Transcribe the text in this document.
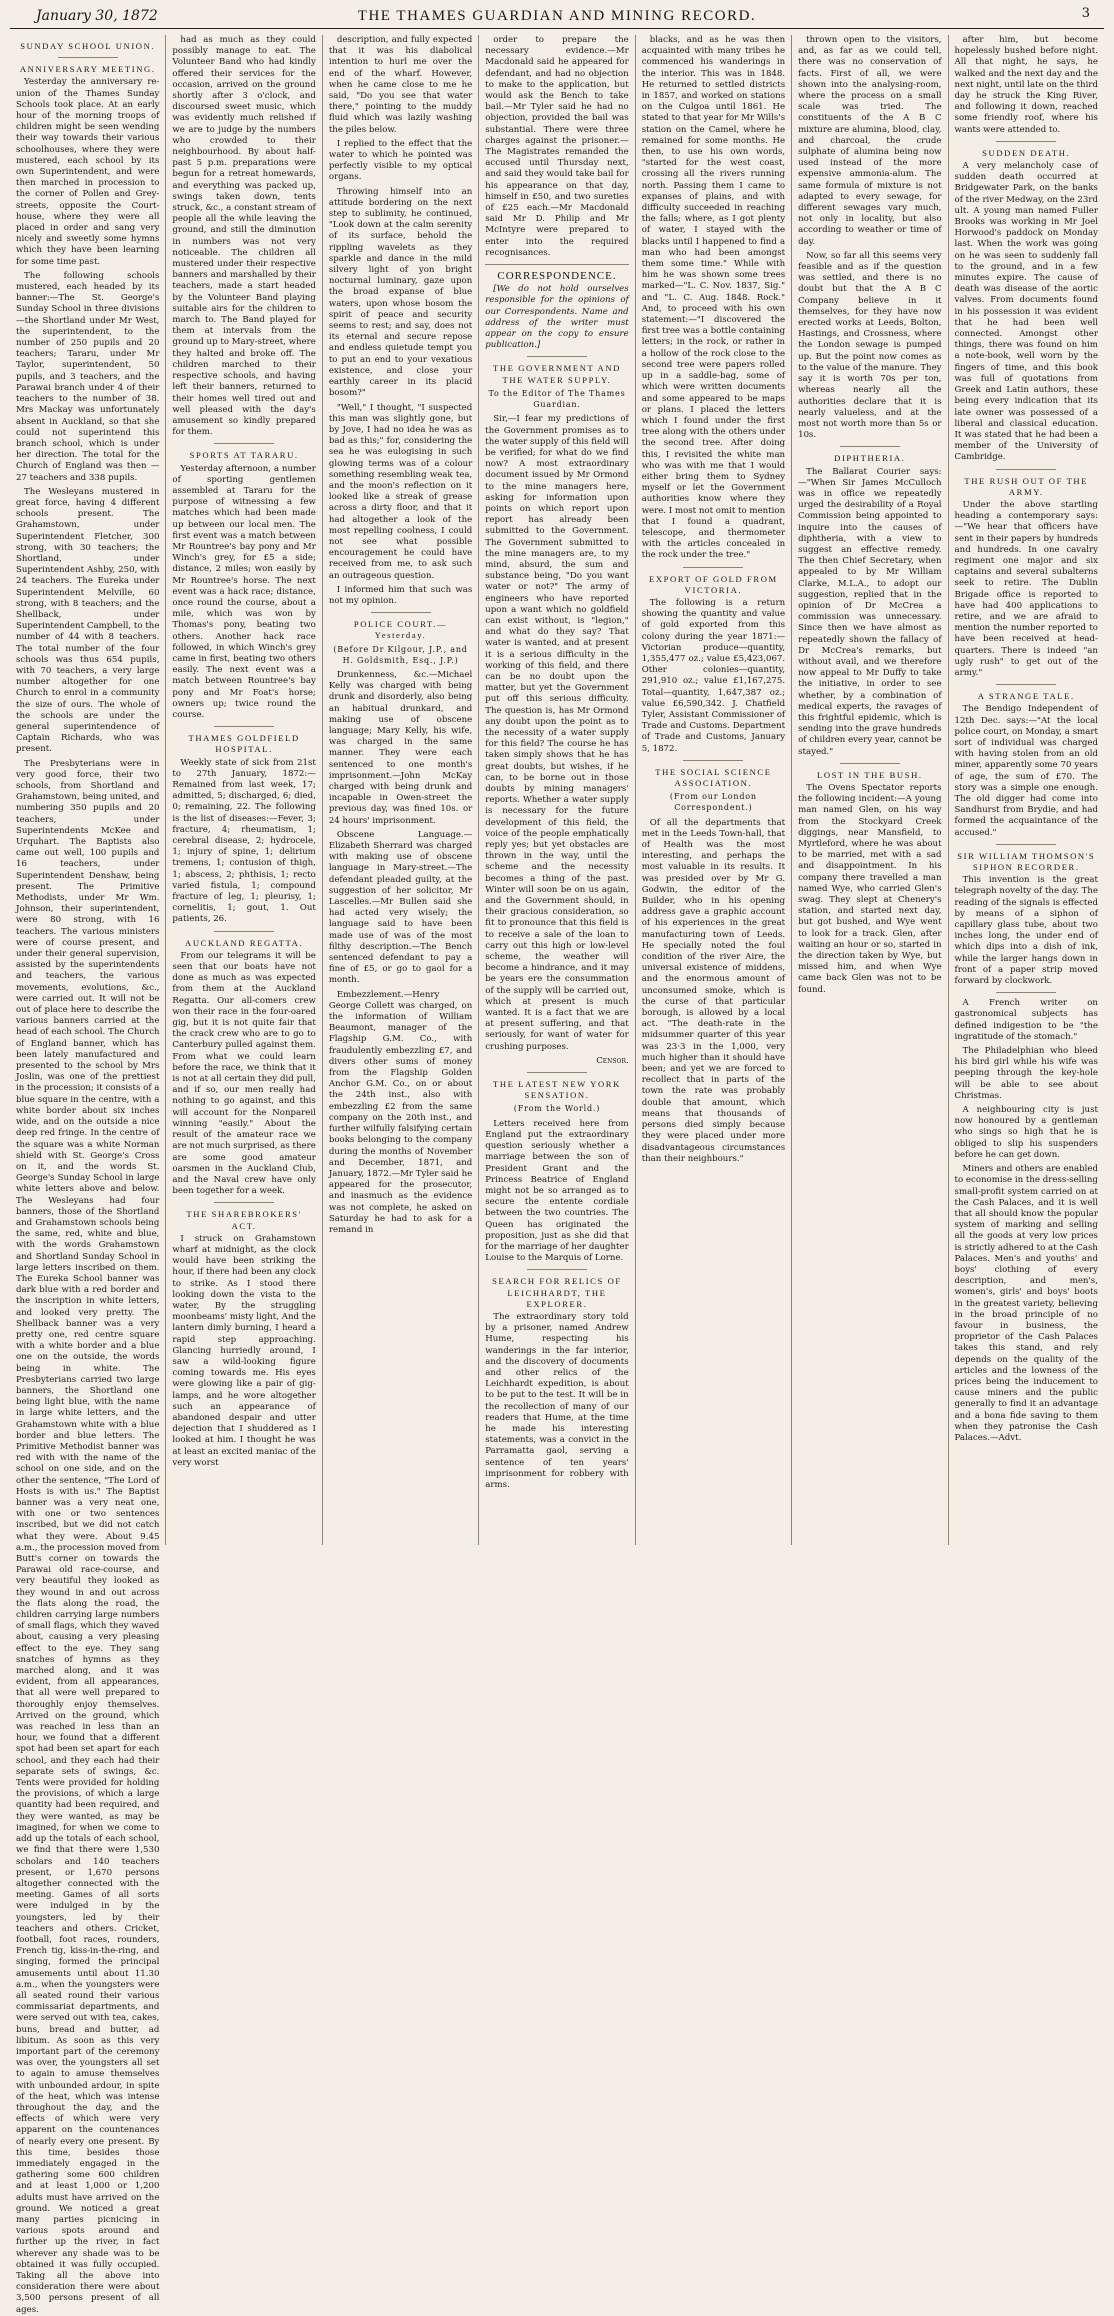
January 30, 1872	THE THAMES GUARDIAN AND MINING RECORD.	3
SUNDAY SCHOOL UNION.
ANNIVERSARY MEETING.

Yesterday the anniversary re-union of the Thames Sunday Schools took place. At an early hour of the morning troops of children might be seen wending their way towards their various schoolhouses, where they were mustered, each school by its own Superintendent, and were then marched in procession to the corner of Pollen and Grey-streets, opposite the Court-house, where they were all placed in order and sang very nicely and sweetly some hymns which they have been learning for some time past.

The following schools mustered, each headed by its banner:—The St. George's Sunday School in three divisions—the Shortland under Mr West, the superintendent, to the number of 250 pupils and 20 teachers; Tararu, under Mr Taylor, superintendent, 50 pupils, and 3 teachers, and the Parawai branch under 4 of their teachers to the number of 38. Mrs Mackay was unfortunately absent in Auckland, so that she could not superintend this branch school, which is under her direction. The total for the Church of England was then —27 teachers and 338 pupils.

The Wesleyans mustered in great force, having 4 different schools present. The Grahamstown, under Superintendent Fletcher, 300 strong, with 30 teachers; the Shortland, under Superintendent Ashby, 250, with 24 teachers. The Eureka under Superintendent Melville, 60 strong, with 8 teachers; and the Shellback, under Superintendent Campbell, to the number of 44 with 8 teachers. The total number of the four schools was thus 654 pupils, with 70 teachers, a very large number altogether for one Church to enrol in a community the size of ours. The whole of the schools are under the general superintendence of Captain Richards, who was present.

The Presbyterians were in very good force, their two schools, from Shortland and Grahamstown, being united, and numbering 350 pupils and 20 teachers, under Superintendents McKee and Urquhart. The Baptists also came out well, 100 pupils and 16 teachers, under Superintendent Denshaw, being present. The Primitive Methodists, under Mr Wm. Johnson, their superintendent, were 80 strong, with 16 teachers. The various ministers were of course present, and under their general supervision, assisted by the superintendents and teachers, the various movements, evolutions, &c., were carried out. It will not be out of place here to describe the various banners carried at the head of each school. The Church of England banner, which has been lately manufactured and presented to the school by Mrs Joslin, was one of the prettiest in the procession; it consists of a blue square in the centre, with a white border about six inches wide, and on the outside a nice deep red fringe. In the centre of the square was a white Norman shield with St. George's Cross on it, and the words St. George's Sunday School in large white letters above and below. The Wesleyans had four banners, those of the Shortland and Grahamstown schools being the same, red, white and blue, with the words Grahamstown and Shortland Sunday School in large letters inscribed on them. The Eureka School banner was dark blue with a red border and the inscription in white letters, and looked very pretty. The Shellback banner was a very pretty one, red centre square with a white border and a blue one on the outside, the words being in white. The Presbyterians carried two large banners, the Shortland one being light blue, with the name in large white letters, and the Grahamstown white with a blue border and blue letters. The Primitive Methodist banner was red with with the name of the school on one side, and on the other the sentence, "The Lord of Hosts is with us." The Baptist banner was a very neat one, with one or two sentences inscribed, but we did not catch what they were. About 9.45 a.m., the procession moved from Butt's corner on towards the Parawai old race-course, and very beautiful they looked as they wound in and out across the flats along the road, the children carrying large numbers of small flags, which they waved about, causing a very pleasing effect to the eye. They sang snatches of hymns as they marched along, and it was evident, from all appearances, that all were well prepared to thoroughly enjoy themselves. Arrived on the ground, which was reached in less than an hour, we found that a different spot had been set apart for each school, and they each had their separate sets of swings, &c. Tents were provided for holding the provisions, of which a large quantity had been required, and they were wanted, as may be imagined, for when we come to add up the totals of each school, we find that there were 1,530 scholars and 140 teachers present, or 1,670 persons altogether connected with the meeting. Games of all sorts were indulged in by the youngsters, led by their teachers and others. Cricket, football, foot races, rounders, French tig, kiss-in-the-ring, and singing, formed the principal amusements until about 11.30 a.m., when the youngsters were all seated round their various commissariat departments, and were served out with tea, cakes, buns, bread and butter, ad libitum. As soon as this very important part of the ceremony was over, the youngsters all set to again to amuse themselves with unbounded ardour, in spite of the heat, which was intense throughout the day, and the effects of which were very apparent on the countenances of nearly every one present. By this time, besides those immediately engaged in the gathering some 600 children and at least 1,000 or 1,200 adults must have arrived on the ground. We noticed a great many parties picnicing in various spots around and further up the river, in fact wherever any shade was to be obtained it was fully occupied. Taking all the above into consideration there were about 3,500 persons present of all ages.

had as much as they could possibly manage to eat. The Volunteer Band who had kindly offered their services for the occasion, arrived on the ground shortly after 3 o'clock, and discoursed sweet music, which was evidently much relished if we are to judge by the numbers who crowded to their neighbourhood. By about half-past 5 p.m. preparations were begun for a retreat homewards, and everything was packed up, swings taken down, tents struck, &c., a constant stream of people all the while leaving the ground, and still the diminution in numbers was not very noticeable. The children all mustered under their respective banners and marshalled by their teachers, made a start headed by the Volunteer Band playing suitable airs for the children to march to. The Band played for them at intervals from the ground up to Mary-street, where they halted and broke off. The children marched to their respective schools, and having left their banners, returned to their homes well tired out and well pleased with the day's amusement so kindly prepared for them.

SPORTS AT TARARU.

Yesterday afternoon, a number of sporting gentlemen assembled at Tararu for the purpose of witnessing a few matches which had been made up between our local men. The first event was a match between Mr Rountree's bay pony and Mr Winch's grey, for £5 a side; distance, 2 miles; won easily by Mr Rountree's horse. The next event was a hack race; distance, once round the course, about a mile, which was won by Thomas's pony, beating two others. Another hack race followed, in which Winch's grey came in first, beating two others easily. The next event was a match between Rountree's bay pony and Mr Foat's horse; owners up; twice round the course.

THAMES GOLDFIELD HOSPITAL.

Weekly state of sick from 21st to 27th January, 1872:— Remained from last week, 17; admitted, 5; discharged, 6; died, 0; remaining, 22. The following is the list of diseases:—Fever, 3; fracture, 4; rheumatism, 1; cerebral disease, 2; hydrocele, 1; injury of spine, 1; delirium tremens, 1; contusion of thigh, 1; abscess, 2; phthisis, 1; recto varied fistula, 1; compound fracture of leg, 1; pleurisy, 1; cornelitis, 1; gout, 1. Out patients, 26.

AUCKLAND REGATTA.

From our telegrams it will be seen that our boats have not done as much as was expected from them at the Auckland Regatta. Our all-comers crew won their race in the four-oared gig, but it is not quite fair that the crack crew who are to go to Canterbury pulled against them. From what we could learn before the race, we think that it is not at all certain they did pull, and if so, our men really had nothing to go against, and this will account for the Nonpareil winning "easily." About the result of the amateur race we are not much surprised, as there are some good amateur oarsmen in the Auckland Club, and the Naval crew have only been together for a week.

THE SHAREBROKERS' ACT.

I struck on Grahamstown wharf at midnight, as the clock would have been striking the hour, if there had been any clock to strike. As I stood there looking down the vista to the water, By the struggling moonbeams' misty light, And the lantern dimly burning, I heard a rapid step approaching. Glancing hurriedly around, I saw a wild-looking figure coming towards me. His eyes were glowing like a pair of gig-lamps, and he wore altogether such an appearance of abandoned despair and utter dejection that I shuddered as I looked at him. I thought he was at least an excited maniac of the very worst

description, and fully expected that it was his diabolical intention to hurl me over the end of the wharf. However, when he came close to me he said, "Do you see that water there," pointing to the muddy fluid which was lazily washing the piles below.

I replied to the effect that the water to which he pointed was perfectly visible to my optical organs.

Throwing himself into an attitude bordering on the next step to sublimity, he continued, "Look down at the calm serenity of its surface, behold the rippling wavelets as they sparkle and dance in the mild silvery light of yon bright nocturnal luminary, gaze upon the broad expanse of blue waters, upon whose bosom the spirit of peace and security seems to rest; and say, does not its eternal and secure repose and endless quietude tempt you to put an end to your vexatious existence, and close your earthly career in its placid bosom?"

"Well," I thought, "I suspected this man was slightly gone, but by Jove, I had no idea he was as bad as this;" for, considering the sea he was eulogising in such glowing terms was of a colour something resembling weak tea, and the moon's reflection on it looked like a streak of grease across a dirty floor, and that it had altogether a look of the most repelling coolness, I could not see what possible encouragement he could have received from me, to ask such an outrageous question.

I informed him that such was not my opinion.

POLICE COURT.—Yesterday.
(Before Dr Kilgour, J.P., and H. Goldsmith, Esq., J.P.)

Drunkenness, &c.—Michael Kelly was charged with being drunk and disorderly, also being an habitual drunkard, and making use of obscene language; Mary Kelly, his wife, was charged in the same manner. They were each sentenced to one month's imprisonment.—John McKay charged with being drunk and incapable in Owen-street the previous day, was fined 10s. or 24 hours' imprisonment.

Obscene Language.—Elizabeth Sherrard was charged with making use of obscene language in Mary-street.—The defendant pleaded guilty, at the suggestion of her solicitor, Mr Lascelles.—Mr Bullen said she had acted very wisely; the language said to have been made use of was of the most filthy description.—The Bench sentenced defendant to pay a fine of £5, or go to gaol for a month.

Embezzlement.—Henry George Collett was charged, on the information of William Beaumont, manager of the Flagship G.M. Co., with fraudulently embezzling £7, and divers other sums of money from the Flagship Golden Anchor G.M. Co., on or about the 24th inst., also with embezzling £2 from the same company on the 20th inst., and further wilfully falsifying certain books belonging to the company during the months of November and December, 1871, and January, 1872.—Mr Tyler said he appeared for the prosecutor, and inasmuch as the evidence was not complete, he asked on Saturday he had to ask for a remand in

order to prepare the necessary evidence.—Mr Macdonald said he appeared for defendant, and had no objection to make to the application, but would ask the Bench to take bail.—Mr Tyler said he had no objection, provided the bail was substantial. There were three charges against the prisoner.—The Magistrates remanded the accused until Thursday next, and said they would take bail for his appearance on that day, himself in £50, and two sureties of £25 each.—Mr Macdonald said Mr D. Philip and Mr McIntyre were prepared to enter into the required recognisances.

CORRESPONDENCE.

[We do not hold ourselves responsible for the opinions of our Correspondents. Name and address of the writer must appear on the copy to ensure publication.]

THE GOVERNMENT AND THE WATER SUPPLY.
To the Editor of The Thames Guardian.

Sir,—I fear my predictions of the Government promises as to the water supply of this field will be verified; for what do we find now? A most extraordinary document issued by Mr Ormond to the mine managers here, asking for information upon points on which report upon report has already been submitted to the Government. The Government submitted to the mine managers are, to my mind, absurd, the sum and substance being, "Do you want water or not?" The army of engineers who have reported upon a want which no goldfield can exist without, is "legion," and what do they say? That water is wanted, and at present it is a serious difficulty in the working of this field, and there can be no doubt upon the matter, but yet the Government put off this serious difficulty. The question is, has Mr Ormond any doubt upon the point as to the necessity of a water supply for this field? The course he has taken simply shows that he has great doubts, but wishes, if he can, to be borne out in those doubts by mining managers' reports. Whether a water supply is necessary for the future development of this field, the voice of the people emphatically reply yes; but yet obstacles are thrown in the way, until the scheme and the necessity becomes a thing of the past. Winter will soon be on us again, and the Government should, in their gracious consideration, so fit to pronounce that this field is to receive a sale of the loan to carry out this high or low-level scheme, the weather will become a hindrance, and it may be years ere the consummation of the supply will be carried out, which at present is much wanted. It is a fact that we are at present suffering, and that seriously, for want of water for crushing purposes.

Censor.
THE LATEST NEW YORK SENSATION.
(From the World.)

Letters received here from England put the extraordinary question seriously whether a marriage between the son of President Grant and the Princess Beatrice of England might not be so arranged as to secure the entente cordiale between the two countries. The Queen has originated the proposition, just as she did that for the marriage of her daughter Louise to the Marquis of Lorne.

SEARCH FOR RELICS OF LEICHHARDT, THE EXPLORER.

The extraordinary story told by a prisoner, named Andrew Hume, respecting his wanderings in the far interior, and the discovery of documents and other relics of the Leichhardt expedition, is about to be put to the test. It will be in the recollection of many of our readers that Hume, at the time he made his interesting statements, was a convict in the Parramatta gaol, serving a sentence of ten years' imprisonment for robbery with arms.

blacks, and as he was then acquainted with many tribes he commenced his wanderings in the interior. This was in 1848. He returned to settled districts in 1857, and worked on stations on the Culgoa until 1861. He stated to that year for Mr Wills's station on the Camel, where he remained for some months. He then, to use his own words, "started for the west coast, crossing all the rivers running north. Passing them I came to expanses of plains, and with difficulty succeeded in reaching the falls; where, as I got plenty of water, I stayed with the blacks until I happened to find a man who had been amongst them some time." While with him he was shown some trees marked—"L. C. Nov. 1837, Sig." and "L. C. Aug. 1848. Rock." And, to proceed with his own statement:—"I discovered the first tree was a bottle containing letters; in the rock, or rather in a hollow of the rock close to the second tree were papers rolled up in a saddle-bag, some of which were written documents and some appeared to be maps or plans. I placed the letters which I found under the first tree along with the others under the second tree. After doing this, I revisited the white man who was with me that I would either bring them to Sydney myself or let the Government authorities know where they were. I most not omit to mention that I found a quadrant, telescope, and thermometer with the articles concealed in the rock under the tree."

EXPORT OF GOLD FROM VICTORIA.

The following is a return showing the quantity and value of gold exported from this colony during the year 1871:—Victorian produce—quantity, 1,355,477 oz.; value £5,423,067. Other colonies—quantity, 291,910 oz.; value £1,167,275. Total—quantity, 1,647,387 oz.; value £6,590,342. J. Chatfield Tyler, Assistant Commissioner of Trade and Customs. Department of Trade and Customs, January 5, 1872.

THE SOCIAL SCIENCE ASSOCIATION.
(From our London Correspondent.)

Of all the departments that met in the Leeds Town-hall, that of Health was the most interesting, and perhaps the most valuable in its results. It was presided over by Mr G. Godwin, the editor of the Builder, who in his opening address gave a graphic account of his experiences in the great manufacturing town of Leeds. He specially noted the foul condition of the river Aire, the universal existence of middens, and the enormous amount of unconsumed smoke, which is the curse of that particular borough, is allowed by a local act. "The death-rate in the midsummer quarter of this year was 23·3 in the 1,000, very much higher than it should have been; and yet we are forced to recollect that in parts of the town the rate was probably double that amount, which means that thousands of persons died simply because they were placed under more disadvantageous circumstances than their neighbours."

thrown open to the visitors, and, as far as we could tell, there was no conservation of facts. First of all, we were shown into the analysing-room, where the process on a small scale was tried. The constituents of the A B C mixture are alumina, blood, clay, and charcoal, the crude sulphate of alumina being now used instead of the more expensive ammonia-alum. The same formula of mixture is not adapted to every sewage, for different sewages vary much, not only in locality, but also according to weather or time of day.

Now, so far all this seems very feasible and as if the question was settled, and there is no doubt but that the A B C Company believe in it themselves, for they have now erected works at Leeds, Bolton, Hastings, and Crossness, where the London sewage is pumped up. But the point now comes as to the value of the manure. They say it is worth 70s per ton, whereas nearly all the authorities declare that it is nearly valueless, and at the most not worth more than 5s or 10s.

DIPHTHERIA.

The Ballarat Courier says:—"When Sir James McCulloch was in office we repeatedly urged the desirability of a Royal Commission being appointed to inquire into the causes of diphtheria, with a view to suggest an effective remedy. The then Chief Secretary, when appealed to by Mr William Clarke, M.L.A., to adopt our suggestion, replied that in the opinion of Dr McCrea a commission was unnecessary. Since then we have almost as repeatedly shown the fallacy of Dr McCrea's remarks, but without avail, and we therefore now appeal to Mr Duffy to take the initiative, in order to see whether, by a combination of medical experts, the ravages of this frightful epidemic, which is sending into the grave hundreds of children every year, cannot be stayed."

LOST IN THE BUSH.

The Ovens Spectator reports the following incident:—A young man named Glen, on his way from the Stockyard Creek diggings, near Mansfield, to Myrtleford, where he was about to be married, met with a sad and disappointment. In his company there travelled a man named Wye, who carried Glen's swag. They slept at Chenery's station, and started next day, but got bushed, and Wye went to look for a track. Glen, after waiting an hour or so, started in the direction taken by Wye, but missed him, and when Wye came back Glen was not to be found.

after him, but become hopelessly bushed before night. All that night, he says, he walked and the next day and the next night, until late on the third day he struck the King River, and following it down, reached some friendly roof, where his wants were attended to.

SUDDEN DEATH.

A very melancholy case of sudden death occurred at Bridgewater Park, on the banks of the river Medway, on the 23rd ult. A young man named Fuller Brooks was working in Mr Joel Horwood's paddock on Monday last. When the work was going on he was seen to suddenly fall to the ground, and in a few minutes expire. The cause of death was disease of the aortic valves. From documents found in his possession it was evident that he had been well connected. Amongst other things, there was found on him a note-book, well worn by the fingers of time, and this book was full of quotations from Greek and Latin authors, these being every indication that its late owner was possessed of a liberal and classical education. It was stated that he had been a member of the University of Cambridge.

THE RUSH OUT OF THE ARMY.

Under the above startling heading a contemporary says:—"We hear that officers have sent in their papers by hundreds and hundreds. In one cavalry regiment one major and six captains and several subalterns seek to retire. The Dublin Brigade office is reported to have had 400 applications to retire, and we are afraid to mention the number reported to have been received at head-quarters. There is indeed "an ugly rush" to get out of the army."

A STRANGE TALE.

The Bendigo Independent of 12th Dec. says:—"At the local police court, on Monday, a smart sort of individual was charged with having stolen from an old miner, apparently some 70 years of age, the sum of £70. The story was a simple one enough. The old digger had come into Sandhurst from Brydie, and had formed the acquaintance of the accused."

SIR WILLIAM THOMSON'S SIPHON RECORDER.

This invention is the great telegraph novelty of the day. The reading of the signals is effected by means of a siphon of capillary glass tube, about two inches long, the under end of which dips into a dish of ink, while the larger hangs down in front of a paper strip moved forward by clockwork.

A French writer on gastronomical subjects has defined indigestion to be "the ingratitude of the stomach."

The Philadelphian who bleed his bird girl while his wife was peeping through the key-hole will be able to see about Christmas.

A neighbouring city is just now honoured by a gentleman who sings so high that he is obliged to slip his suspenders before he can get down.

Miners and others are enabled to economise in the dress-selling small-profit system carried on at the Cash Palaces, and it is well that all should know the popular system of marking and selling all the goods at very low prices is strictly adhered to at the Cash Palaces. Men's and youths' and boys' clothing of every description, and men's, women's, girls' and boys' boots in the greatest variety, believing in the broad principle of no favour in business, the proprietor of the Cash Palaces takes this stand, and rely depends on the quality of the articles and the lowness of the prices being the inducement to cause miners and the public generally to find it an advantage and a bona fide saving to them when they patronise the Cash Palaces.—Advt.
